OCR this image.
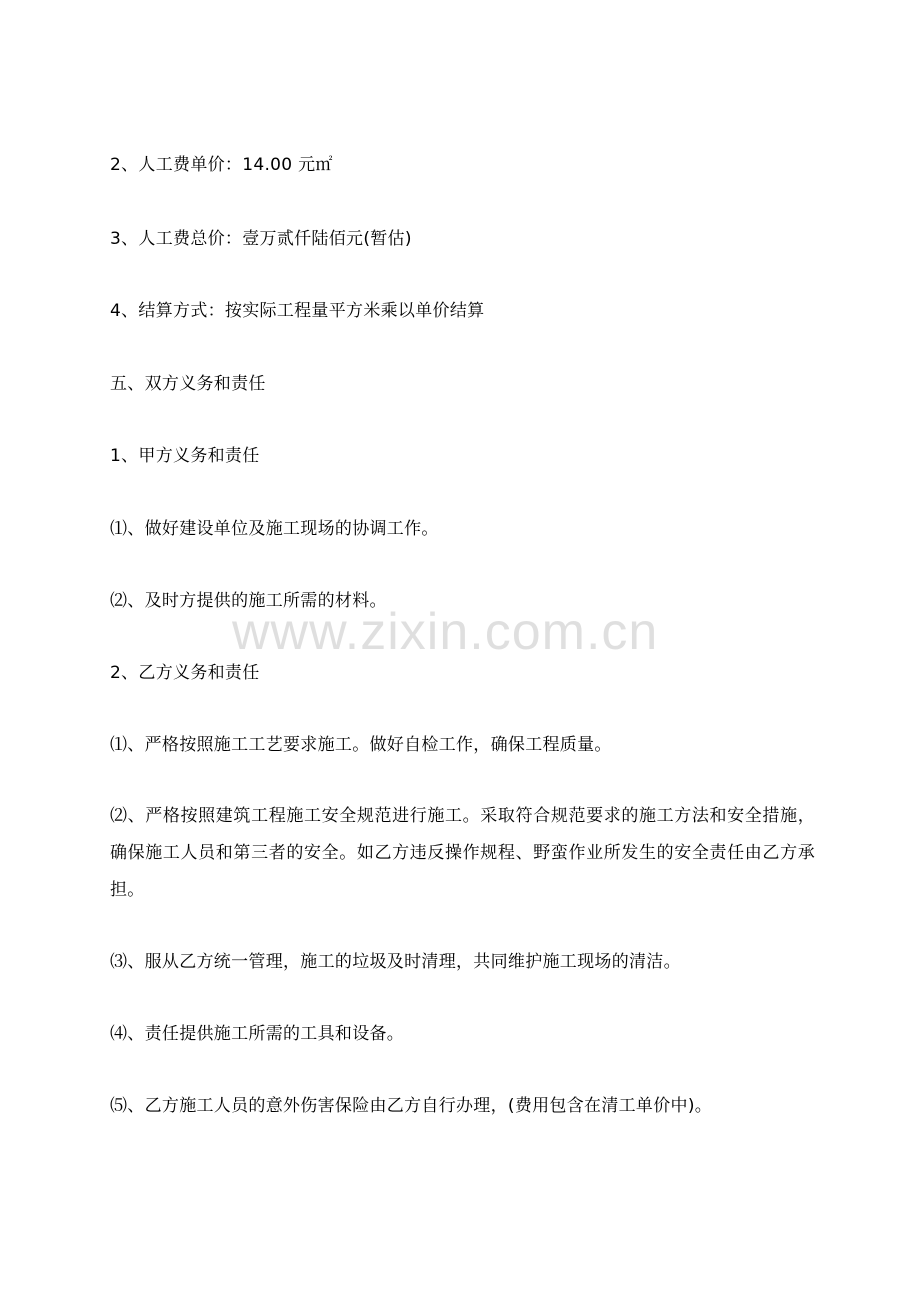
2、人工费单价：14.00 元㎡
3、人工费总价：壹万贰仟陆佰元(暂估)
4、结算方式：按实际工程量平方米乘以单价结算
五、双方义务和责任
1、甲方义务和责任
⑴、做好建设单位及施工现场的协调工作。
⑵、及时方提供的施工所需的材料。
2、乙方义务和责任
⑴、严格按照施工工艺要求施工。做好自检工作，确保工程质量。
⑵、严格按照建筑工程施工安全规范进行施工。采取符合规范要求的施工方法和安全措施，确保施工人员和第三者的安全。如乙方违反操作规程、野蛮作业所发生的安全责任由乙方承担。
⑶、服从乙方统一管理，施工的垃圾及时清理，共同维护施工现场的清洁。
⑷、责任提供施工所需的工具和设备。
⑸、乙方施工人员的意外伤害保险由乙方自行办理，(费用包含在清工单价中)。
www.zixin.com.cn
